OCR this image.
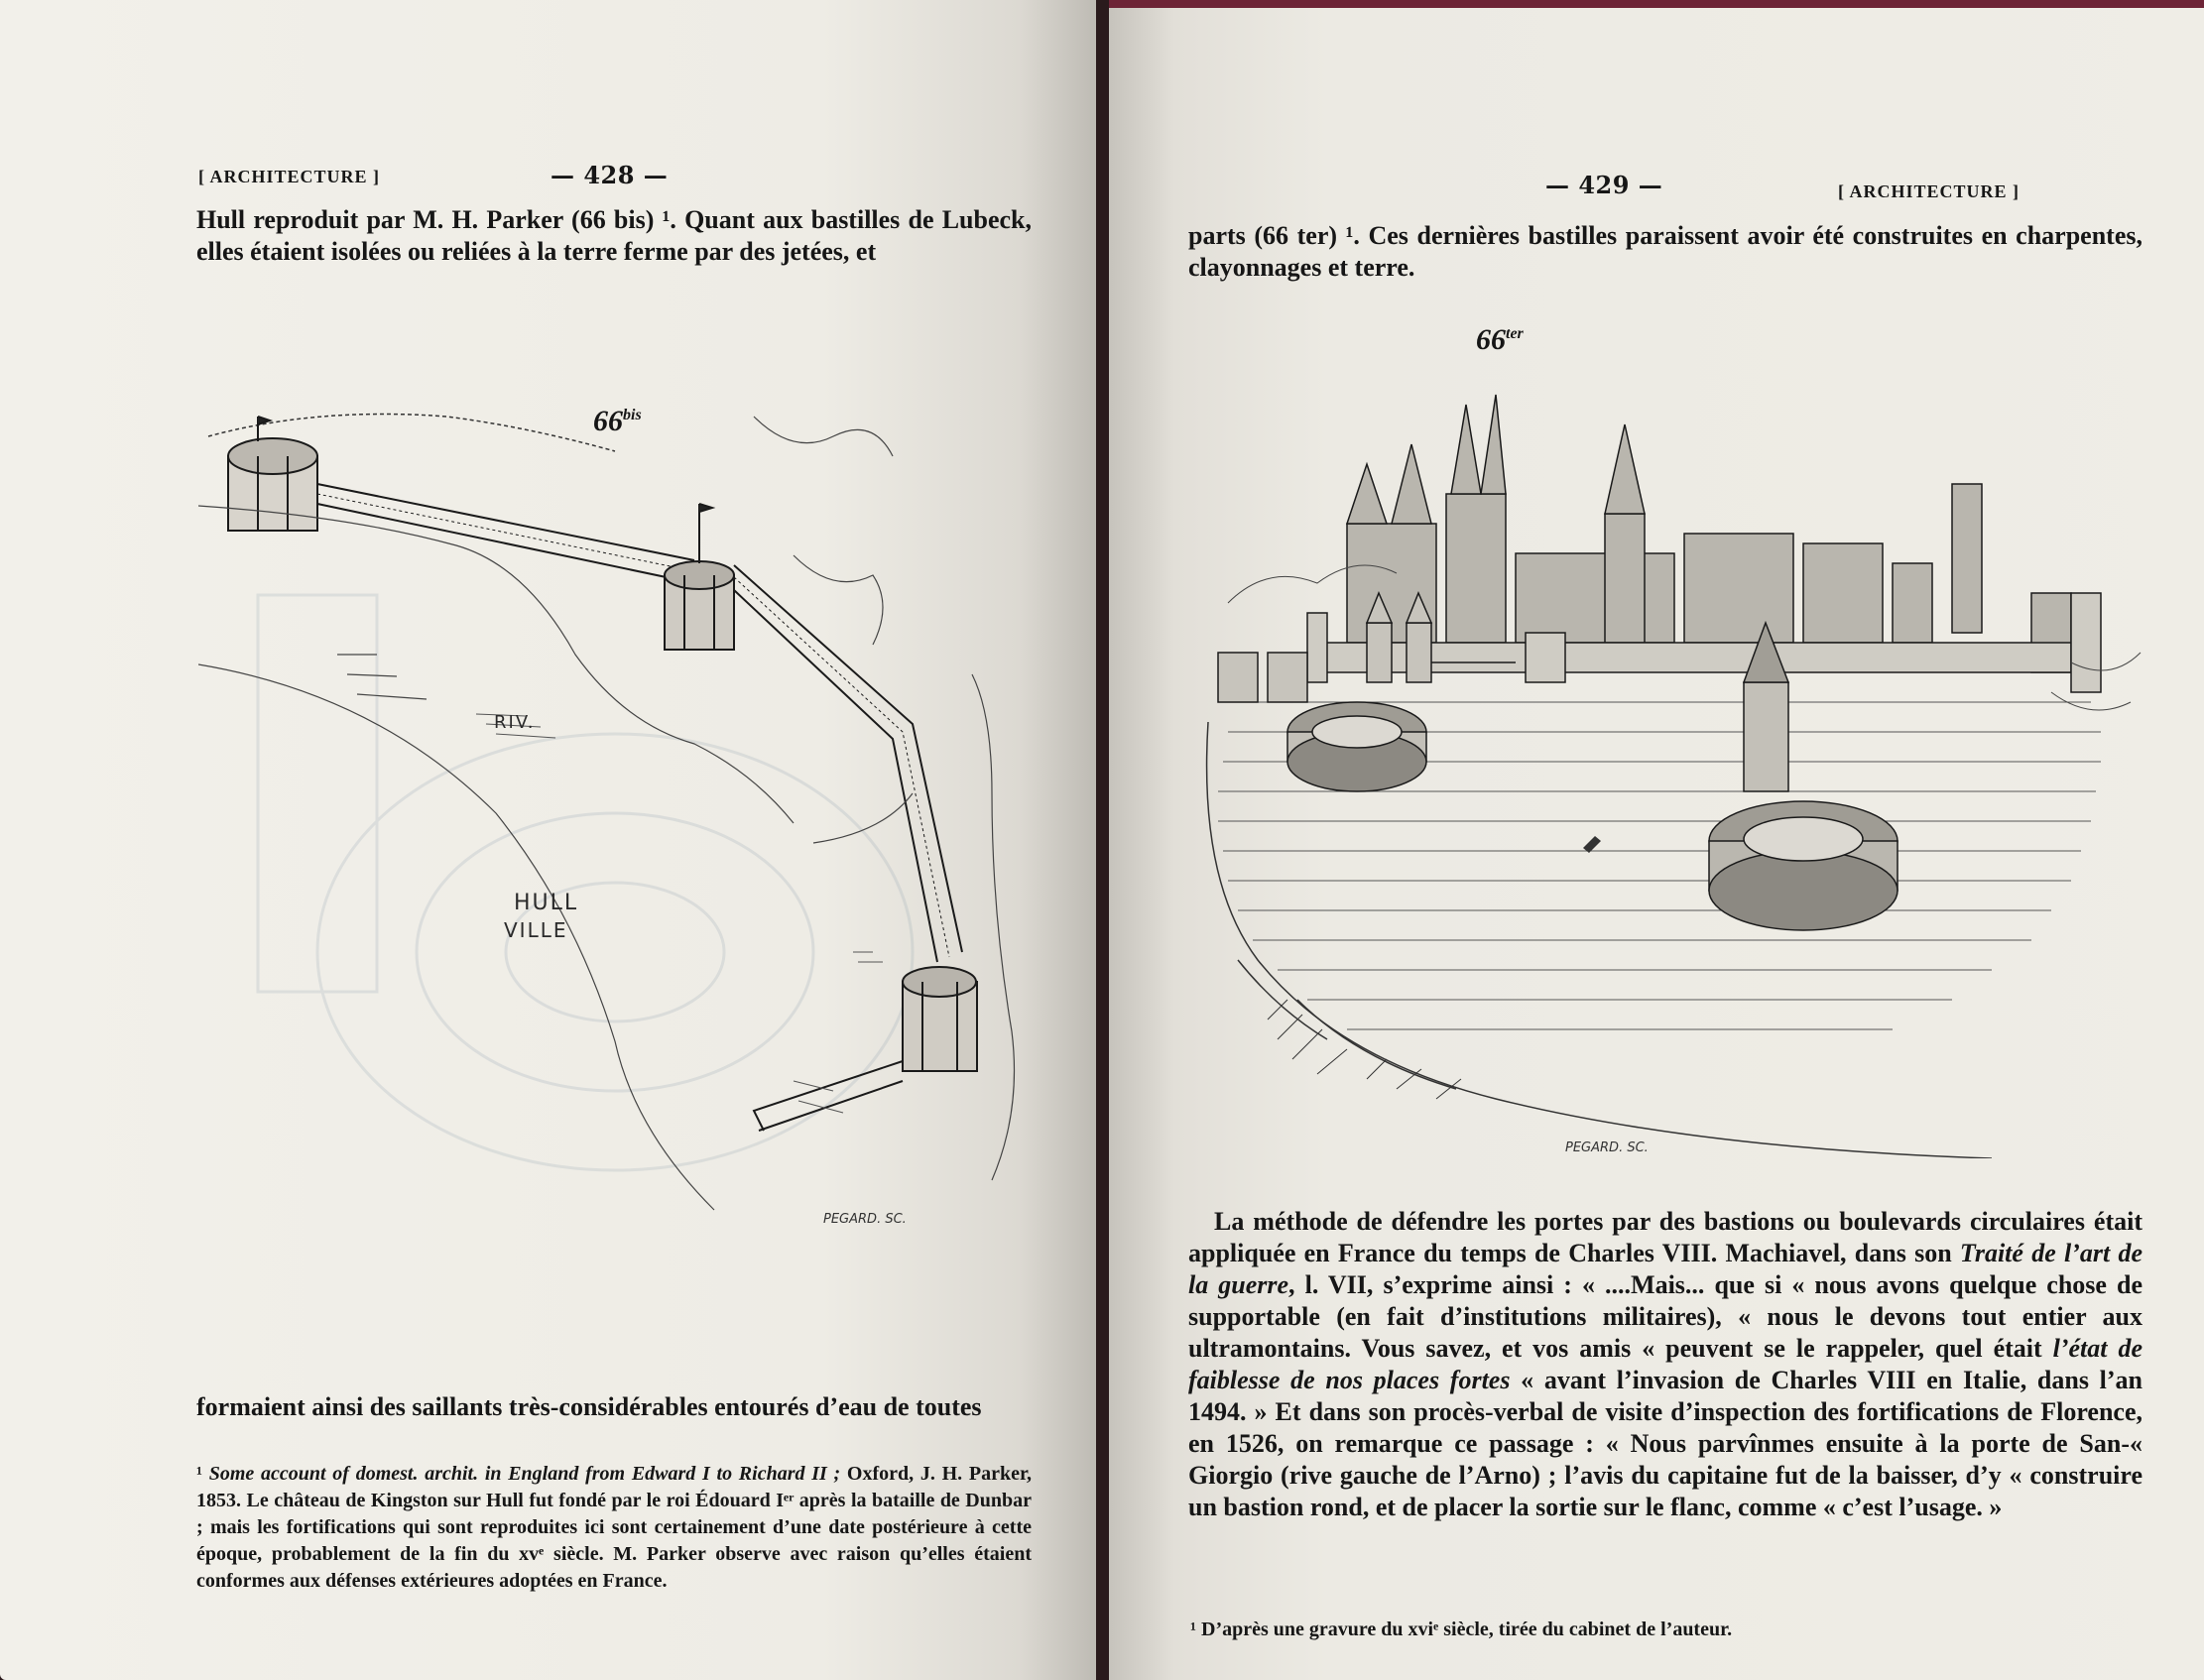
[ ARCHITECTURE ]	— 428 —
Hull reproduit par M. H. Parker (66 bis) ¹. Quant aux bastilles de Lubeck, elles étaient isolées ou reliées à la terre ferme par des jetées, et
$66^{bis}$
RIV.
HULL
VILLE
PEGARD. SC.
formaient ainsi des saillants très-considérables entourés d’eau de toutes
¹ Some account of domest. archit. in England from Edward I to Richard II ; Oxford, J. H. Parker, 1853. Le château de Kingston sur Hull fut fondé par le roi Édouard Iᵉʳ après la bataille de Dunbar ; mais les fortifications qui sont reproduites ici sont certainement d’une date postérieure à cette époque, probablement de la fin du xvᵉ siècle. M. Parker observe avec raison qu’elles étaient conformes aux défenses extérieures adoptées en France.
— 429 —	[ ARCHITECTURE ]
parts (66 ter) ¹. Ces dernières bastilles paraissent avoir été construites en charpentes, clayonnages et terre.
$66^{ter}$
PEGARD. SC.
La méthode de défendre les portes par des bastions ou boulevards circulaires était appliquée en France du temps de Charles VIII. Machiavel, dans son Traité de l’art de la guerre, l. VII, s’exprime ainsi : « ....Mais... que si « nous avons quelque chose de supportable (en fait d’institutions militaires), « nous le devons tout entier aux ultramontains. Vous savez, et vos amis « peuvent se le rappeler, quel était l’état de faiblesse de nos places fortes « avant l’invasion de Charles VIII en Italie, dans l’an 1494. » Et dans son procès-verbal de visite d’inspection des fortifications de Florence, en 1526, on remarque ce passage : « Nous parvînmes ensuite à la porte de San-« Giorgio (rive gauche de l’Arno) ; l’avis du capitaine fut de la baisser, d’y « construire un bastion rond, et de placer la sortie sur le flanc, comme « c’est l’usage. »
¹ D’après une gravure du xviᵉ siècle, tirée du cabinet de l’auteur.
